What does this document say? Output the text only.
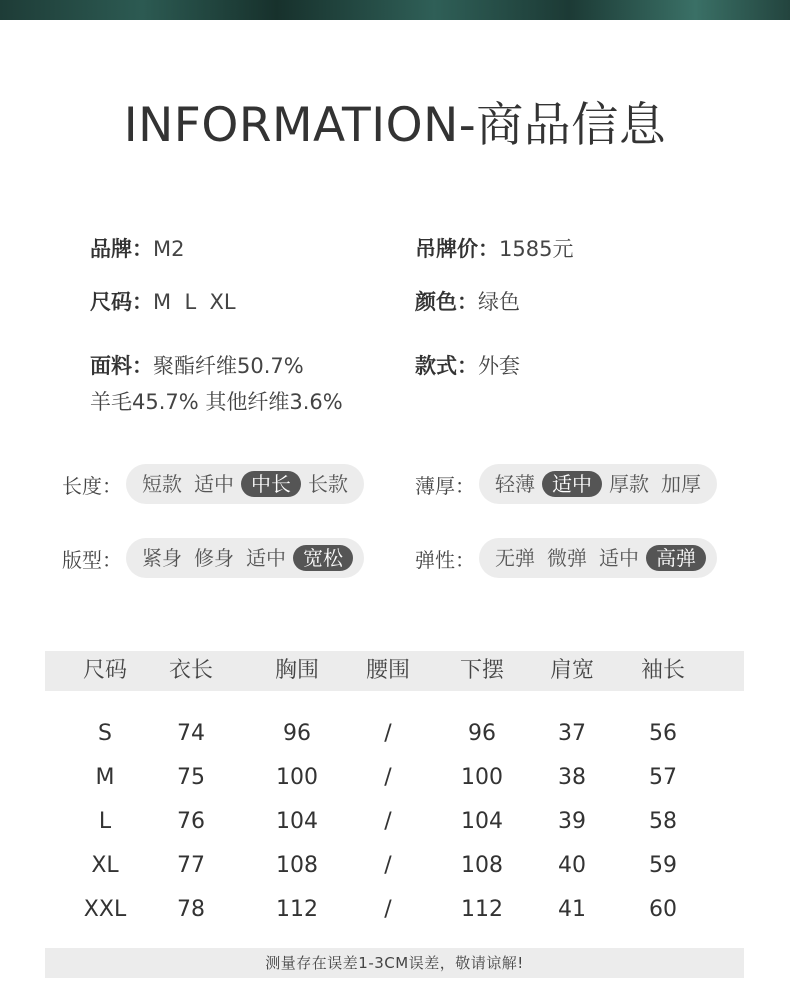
INFORMATION-商品信息
品牌：M2	吊牌价：1585元
尺码：M  L  XL	颜色：绿色
面料：聚酯纤维50.7%
羊毛45.7% 其他纤维3.6%
款式：外套
长度： 短款 适中 中长 长款	薄厚： 轻薄 适中 厚款 加厚
版型： 紧身 修身 适中 宽松	弹性： 无弹 微弹 适中 高弹
尺码	衣长	胸围	腰围	下摆	肩宽	袖长
S	74	96	/	96	37	56
M	75	100	/	100	38	57
L	76	104	/	104	39	58
XL	77	108	/	108	40	59
XXL	78	112	/	112	41	60
测量存在误差1-3CM误差，敬请谅解!
